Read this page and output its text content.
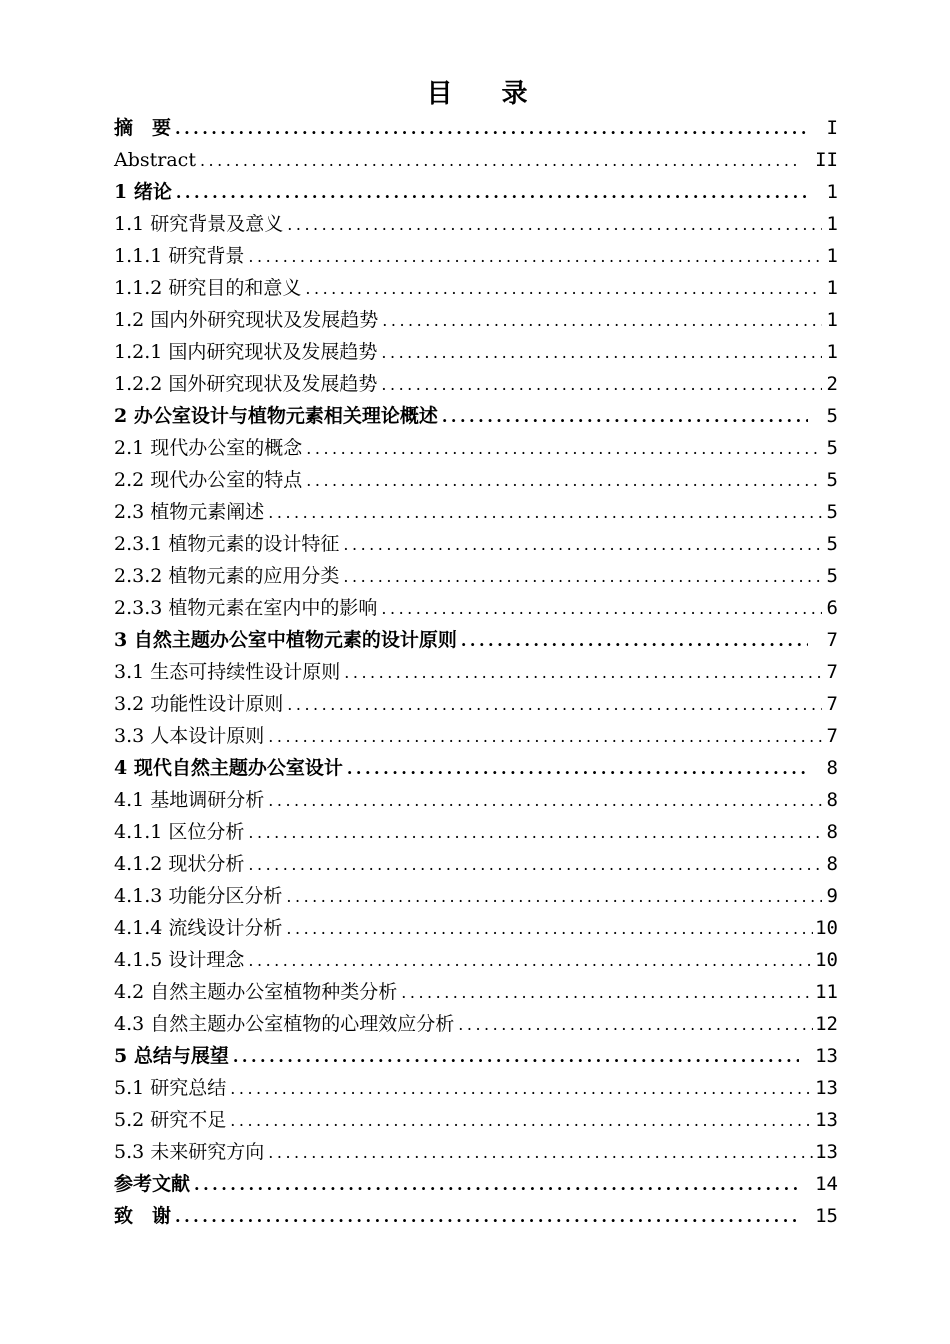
目 录
摘　要 .....	I
Abstract .....	II
1 绪论 .....	1
1.1 研究背景及意义 .....	1
1.1.1 研究背景 .....	1
1.1.2 研究目的和意义 .....	1
1.2 国内外研究现状及发展趋势 .....	1
1.2.1 国内研究现状及发展趋势 .....	1
1.2.2 国外研究现状及发展趋势 .....	2
2 办公室设计与植物元素相关理论概述 .....	5
2.1 现代办公室的概念 .....	5
2.2 现代办公室的特点 .....	5
2.3 植物元素阐述 .....	5
2.3.1 植物元素的设计特征 .....	5
2.3.2 植物元素的应用分类 .....	5
2.3.3 植物元素在室内中的影响 .....	6
3 自然主题办公室中植物元素的设计原则 .....	7
3.1 生态可持续性设计原则 .....	7
3.2 功能性设计原则 .....	7
3.3 人本设计原则 .....	7
4 现代自然主题办公室设计 .....	8
4.1 基地调研分析 .....	8
4.1.1 区位分析 .....	8
4.1.2 现状分析 .....	8
4.1.3 功能分区分析 .....	9
4.1.4 流线设计分析 .....	10
4.1.5 设计理念 .....	10
4.2 自然主题办公室植物种类分析 .....	11
4.3 自然主题办公室植物的心理效应分析 .....	12
5 总结与展望 .....	13
5.1 研究总结 .....	13
5.2 研究不足 .....	13
5.3 未来研究方向 .....	13
参考文献 .....	14
致　谢 .....	15
